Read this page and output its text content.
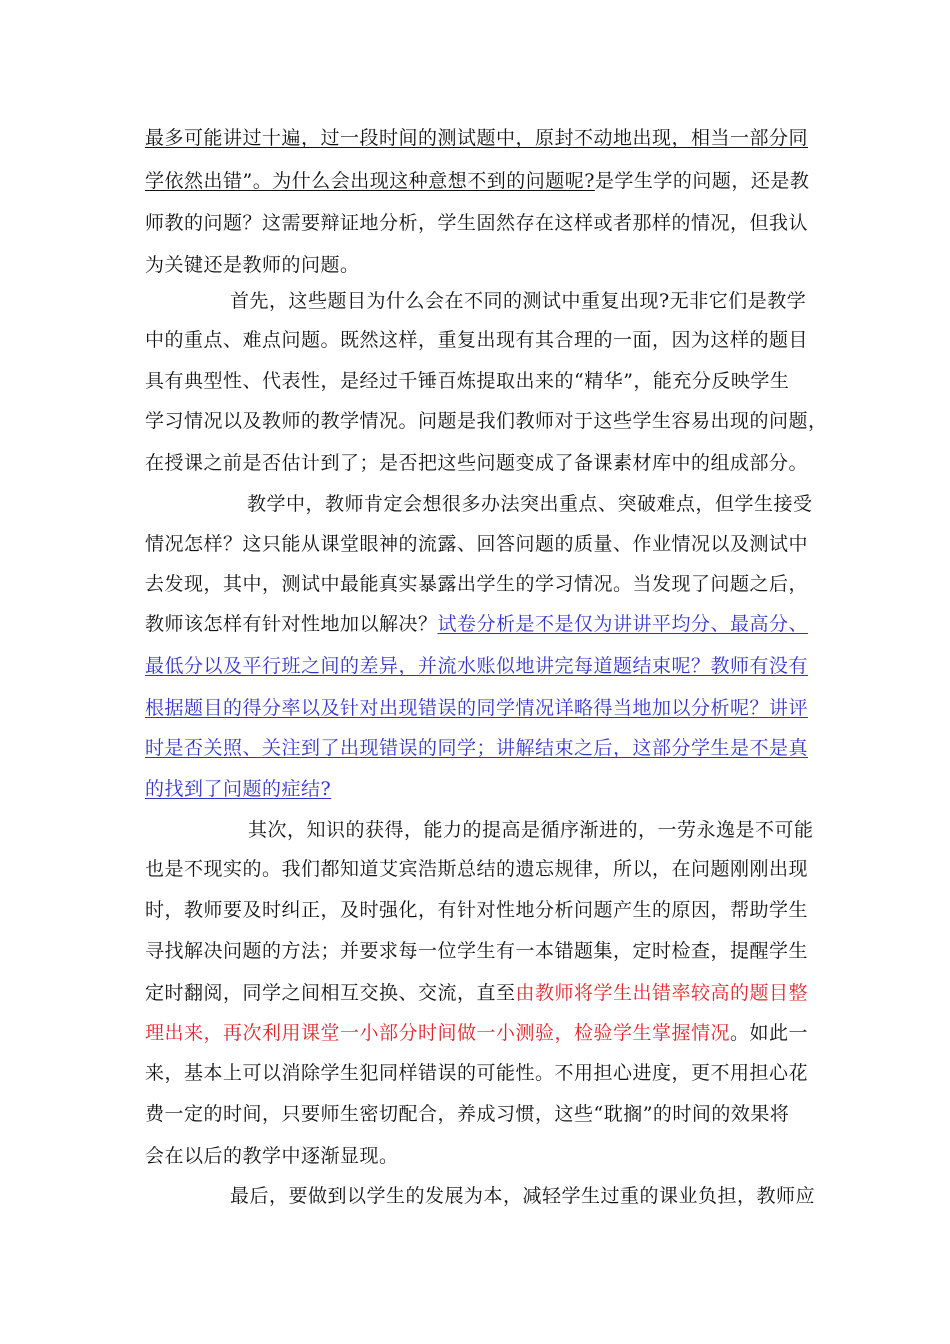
最多可能讲过十遍，过一段时间的测试题中，原封不动地出现，相当一部分同
学依然出错”。为什么会出现这种意想不到的问题呢?是学生学的问题，还是教
师教的问题？这需要辩证地分析，学生固然存在这样或者那样的情况，但我认
为关键还是教师的问题。
首先，这些题目为什么会在不同的测试中重复出现?无非它们是教学
中的重点、难点问题。既然这样，重复出现有其合理的一面，因为这样的题目
具有典型性、代表性，是经过千锤百炼提取出来的“精华”，能充分反映学生
学习情况以及教师的教学情况。问题是我们教师对于这些学生容易出现的问题，
在授课之前是否估计到了；是否把这些问题变成了备课素材库中的组成部分。
教学中，教师肯定会想很多办法突出重点、突破难点，但学生接受
情况怎样？这只能从课堂眼神的流露、回答问题的质量、作业情况以及测试中
去发现，其中，测试中最能真实暴露出学生的学习情况。当发现了问题之后，
教师该怎样有针对性地加以解决？试卷分析是不是仅为讲讲平均分、最高分、
最低分以及平行班之间的差异，并流水账似地讲完每道题结束呢？教师有没有
根据题目的得分率以及针对出现错误的同学情况详略得当地加以分析呢？讲评
时是否关照、关注到了出现错误的同学；讲解结束之后，这部分学生是不是真
的找到了问题的症结?
其次，知识的获得，能力的提高是循序渐进的，一劳永逸是不可能
也是不现实的。我们都知道艾宾浩斯总结的遗忘规律，所以，在问题刚刚出现
时，教师要及时纠正，及时强化，有针对性地分析问题产生的原因，帮助学生
寻找解决问题的方法；并要求每一位学生有一本错题集，定时检查，提醒学生
定时翻阅，同学之间相互交换、交流，直至由教师将学生出错率较高的题目整
理出来，再次利用课堂一小部分时间做一小测验，检验学生掌握情况。如此一
来，基本上可以消除学生犯同样错误的可能性。不用担心进度，更不用担心花
费一定的时间，只要师生密切配合，养成习惯，这些“耽搁”的时间的效果将
会在以后的教学中逐渐显现。
最后，要做到以学生的发展为本，减轻学生过重的课业负担，教师应
